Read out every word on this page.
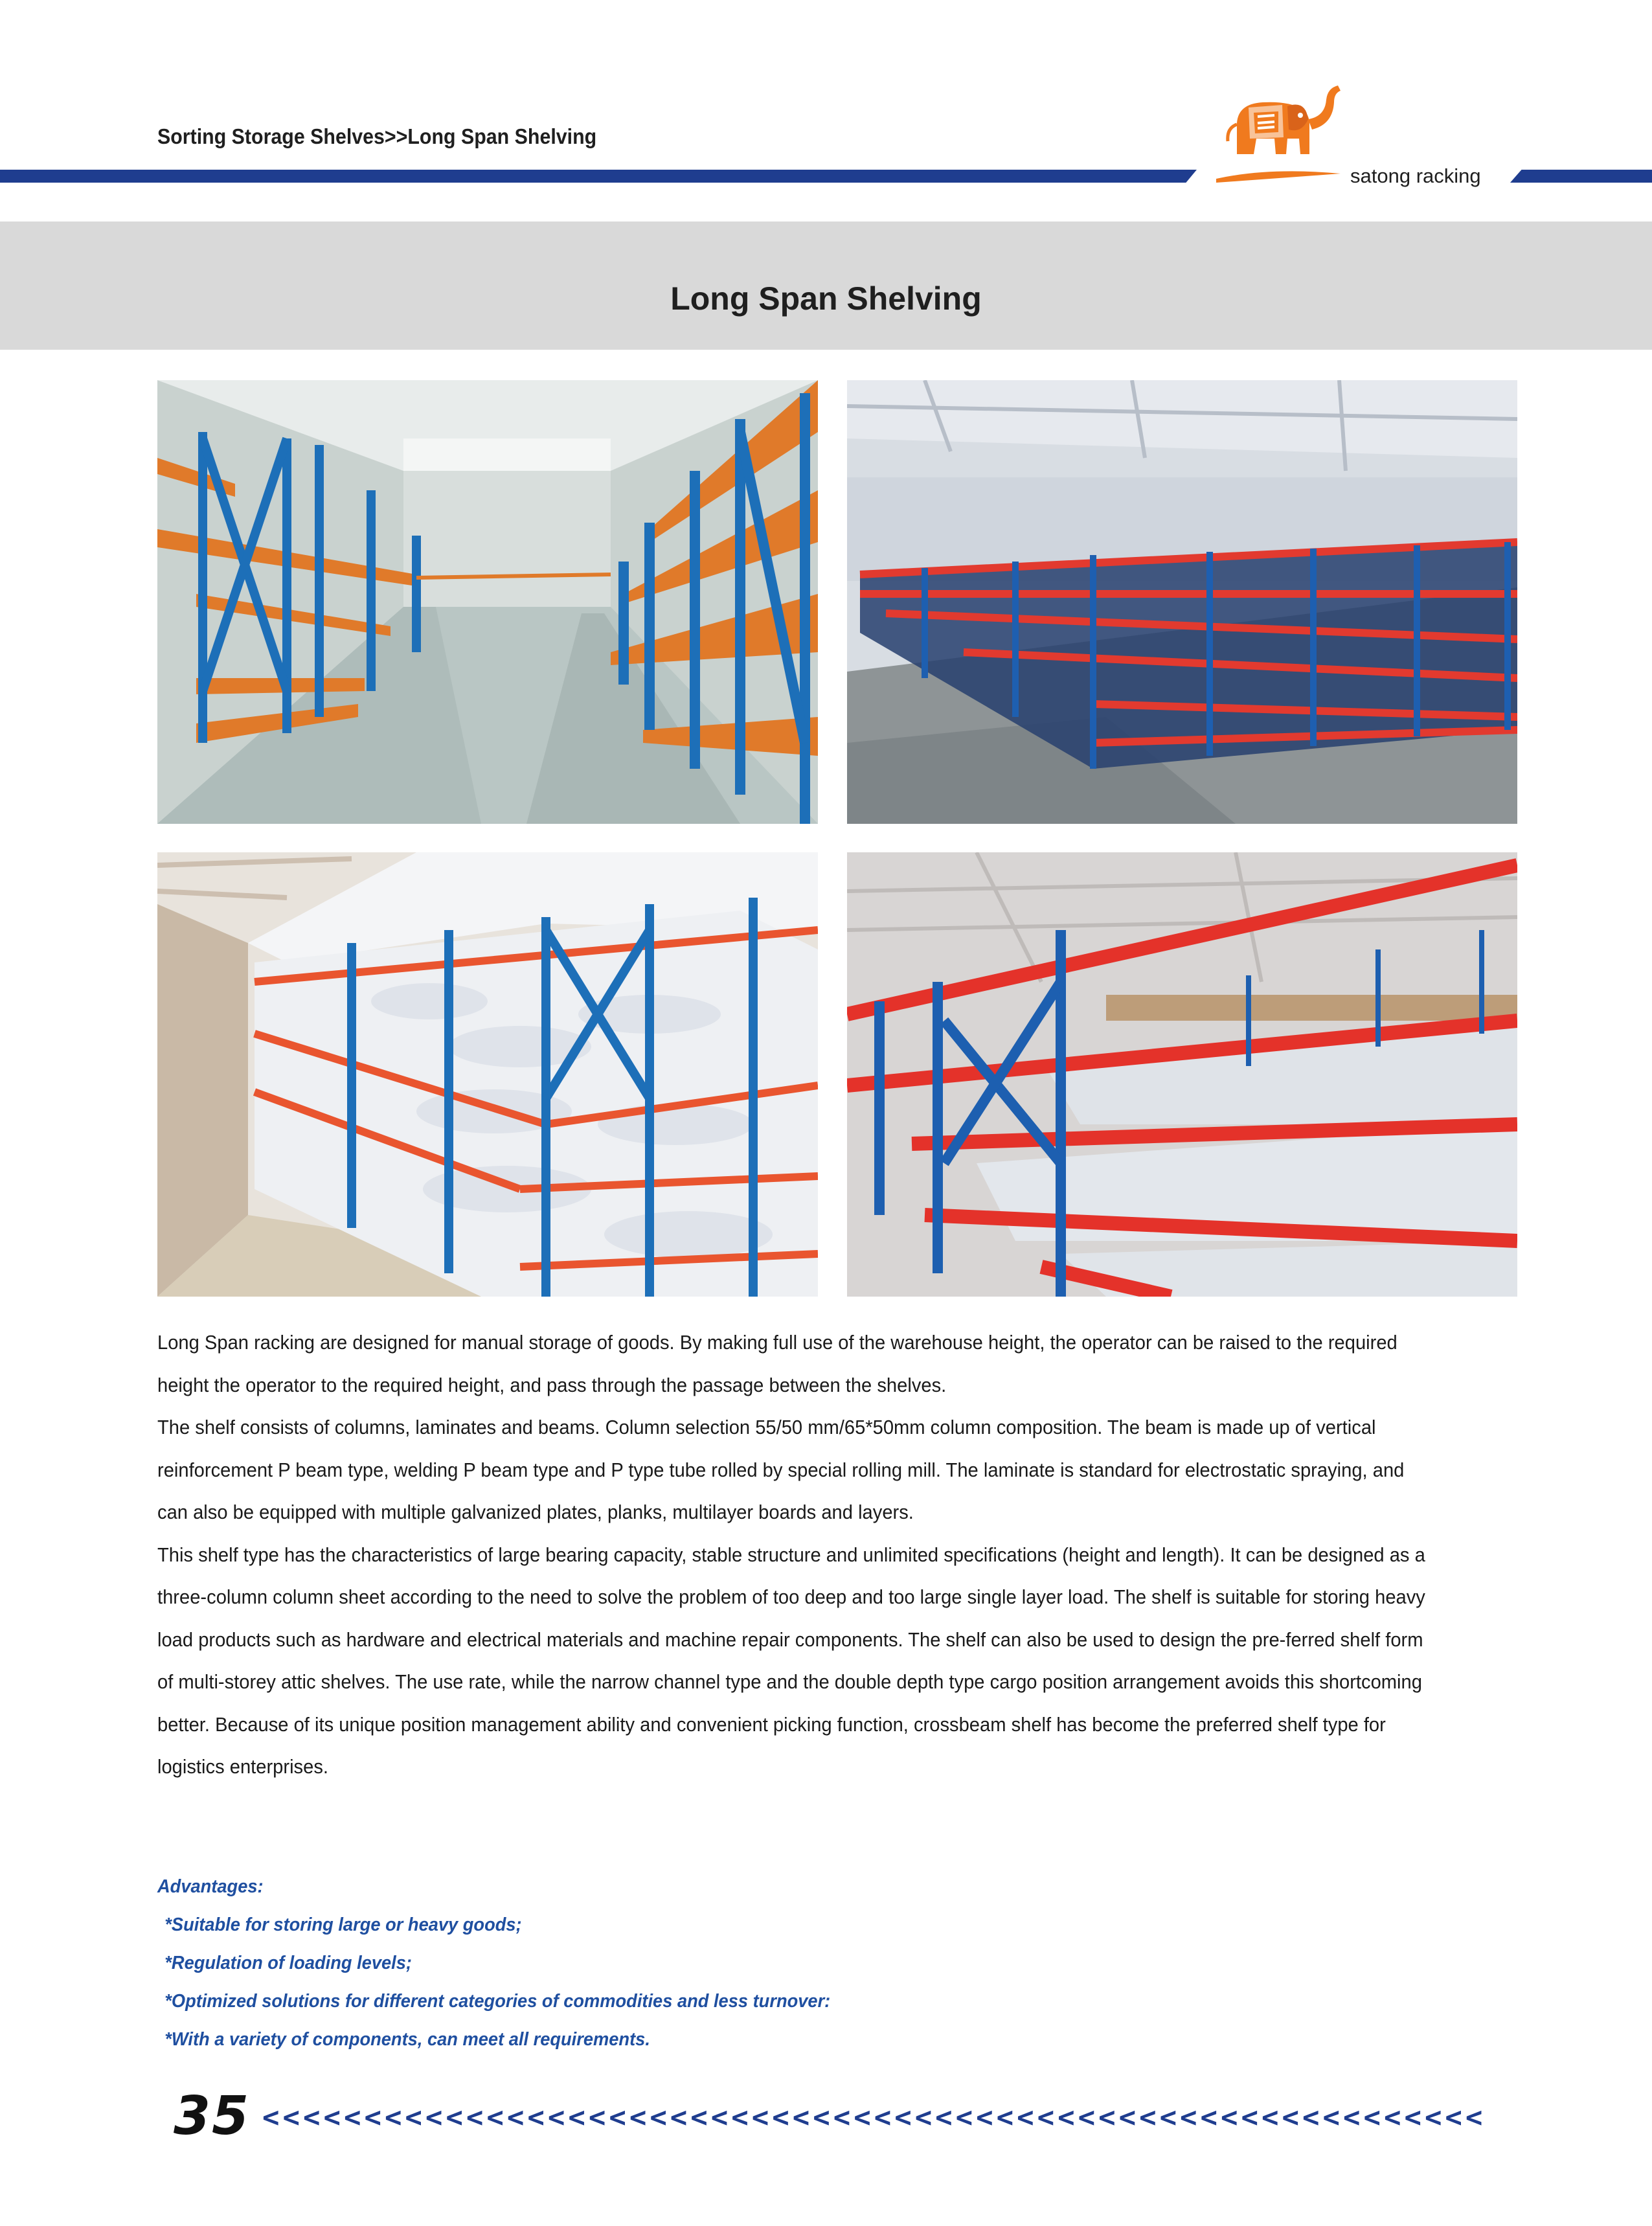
Sorting Storage Shelves>>Long Span Shelving
satong racking
Long Span Shelving

Long Span racking are designed for manual storage of goods. By making full use of the warehouse height, the operator can be raised to the required height the operator to the required height, and pass through the passage between the shelves.

The shelf consists of columns, laminates and beams. Column selection 55/50 mm/65*50mm column composition. The beam is made up of vertical reinforcement P beam type, welding P beam type and P type tube rolled by special rolling mill. The laminate is standard for electrostatic spraying, and can also be equipped with multiple galvanized plates, planks, multilayer boards and layers.

This shelf type has the characteristics of large bearing capacity, stable structure and unlimited specifications (height and length). It can be designed as a three-column column sheet according to the need to solve the problem of too deep and too large single layer load. The shelf is suitable for storing heavy load products such as hardware and electrical materials and machine repair components. The shelf can also be used to design the pre-ferred shelf form of multi-storey attic shelves. The use rate, while the narrow channel type and the double depth type cargo position arrangement avoids this shortcoming better. Because of its unique position management ability and convenient picking function, crossbeam shelf has become the preferred shelf type for logistics enterprises.

Advantages:
*Suitable for storing large or heavy goods;
*Regulation of loading levels;
*Optimized solutions for different categories of commodities and less turnover:
*With a variety of components, can meet all requirements.
35 <<<<<<<<<<<<<<<<<<<<<<<<<<<<<<<<<<<<<<<<<<<<<<<<<<<<<<<<<<<<
